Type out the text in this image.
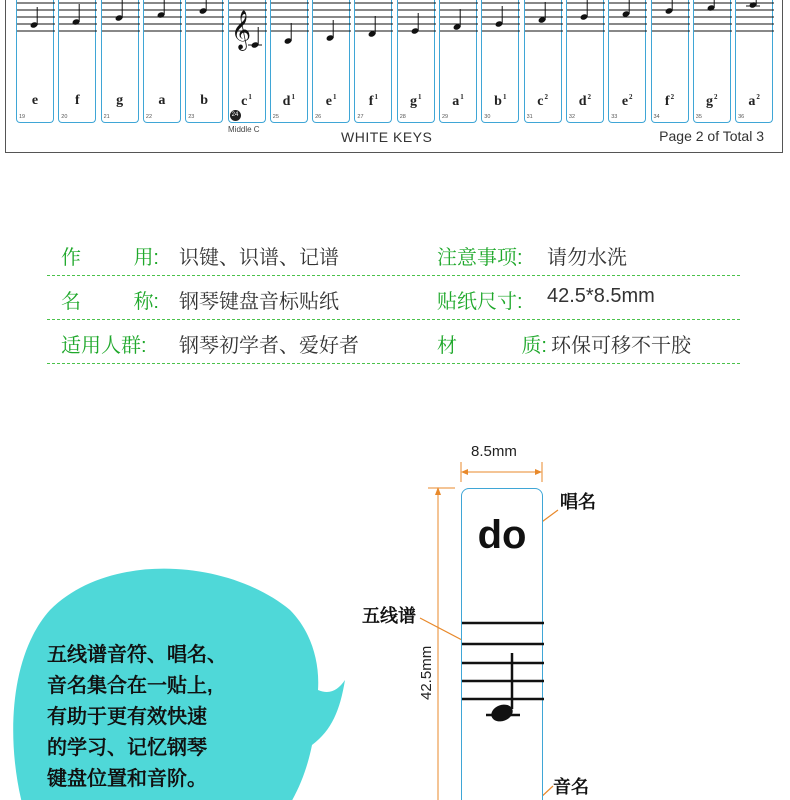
e
19
f
20
g
21
a
22
b
23
𝄞
$c^1$
24
$d^1$
25
$e^1$
26
$f^1$
27
$g^1$
28
$a^1$
29
$b^1$
30
$c^2$
31
$d^2$
32
$e^2$
33
$f^2$
34
$g^2$
35
$a^2$
36
Middle C	WHITE KEYS	Page 2 of Total 3
作	用: 识键、识谱、记谱	注意事项: 请勿水洗
名	称: 钢琴键盘音标贴纸	贴纸尺寸: 42.5*8.5mm
适用人群:	钢琴初学者、爱好者	材	质: 环保可移不干胶
五线谱音符、唱名、
音名集合在一贴上,
有助于更有效快速
的学习、记忆钢琴
键盘位置和音阶。
8.5mm
42.5mm
do
唱名
五线谱
音名
